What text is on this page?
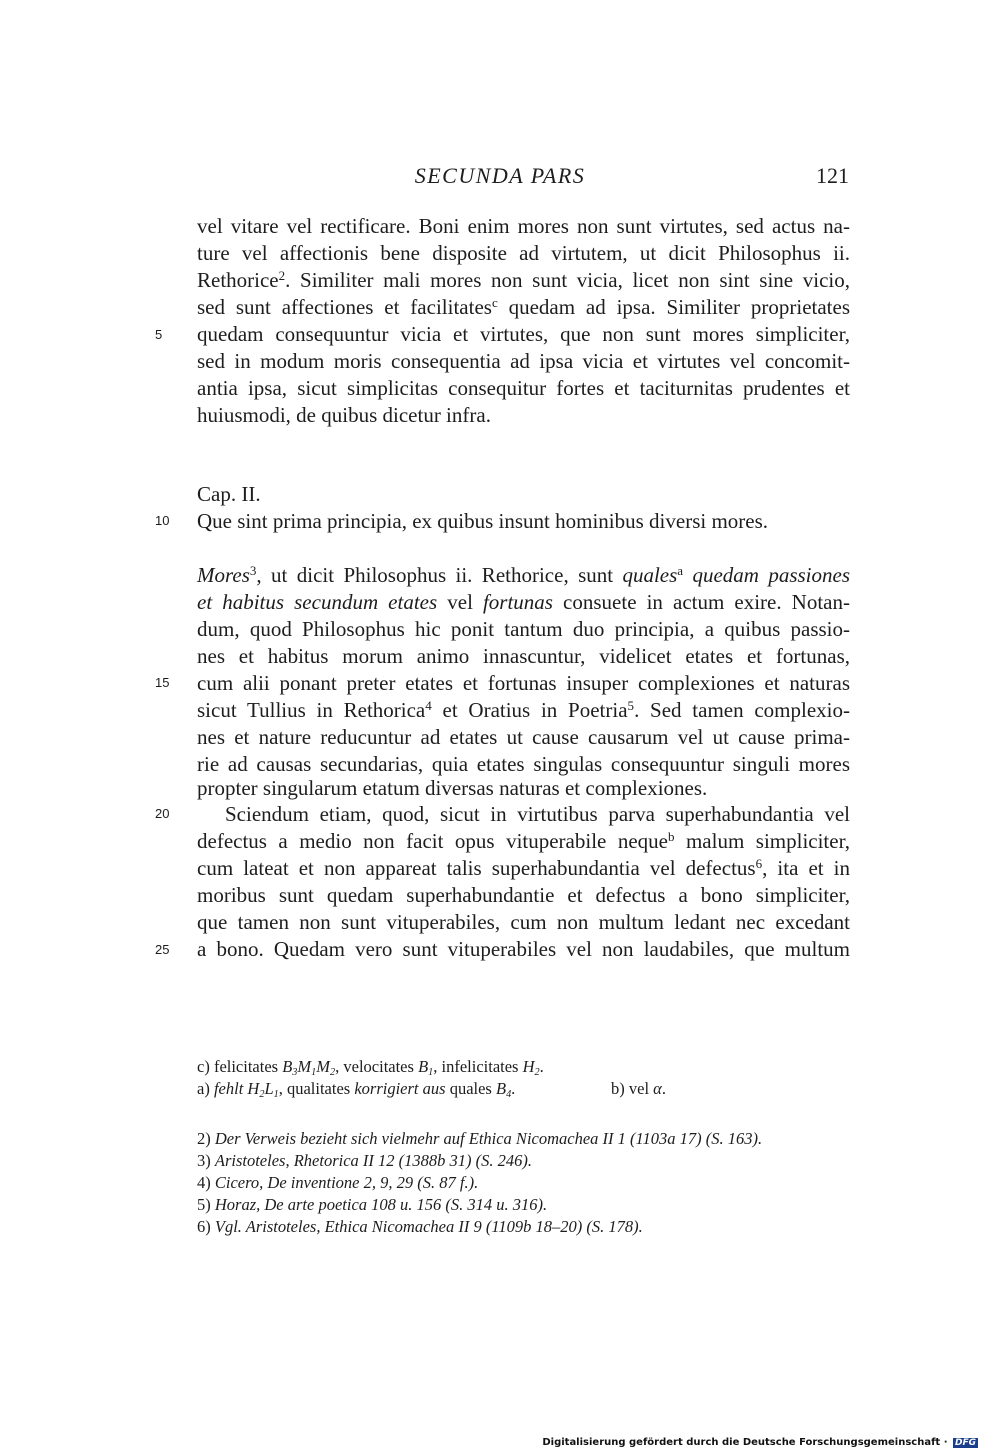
SECUNDA PARS	121
5
10
15
20
25
vel vitare vel rectificare. Boni enim mores non sunt virtutes, sed actus na-
ture vel affectionis bene disposite ad virtutem, ut dicit Philosophus ii.
Rethorice$^2$. Similiter mali mores non sunt vicia, licet non sint sine vicio,
sed sunt affectiones et facilitates$^c$ quedam ad ipsa. Similiter proprietates
quedam consequuntur vicia et virtutes, que non sunt mores simpliciter,
sed in modum moris consequentia ad ipsa vicia et virtutes vel concomit-
antia ipsa, sicut simplicitas consequitur fortes et taciturnitas prudentes et
huiusmodi, de quibus dicetur infra.
Cap. II.
Que sint prima principia, ex quibus insunt hominibus diversi mores.
Mores$^3$, ut dicit Philosophus ii. Rethorice, sunt quales$^a$ quedam passiones
et habitus secundum etates vel fortunas consuete in actum exire. Notan-
dum, quod Philosophus hic ponit tantum duo principia, a quibus passio-
nes et habitus morum animo innascuntur, videlicet etates et fortunas,
cum alii ponant preter etates et fortunas insuper complexiones et naturas
sicut Tullius in Rethorica$^4$ et Oratius in Poetria$^5$. Sed tamen complexio-
nes et nature reducuntur ad etates ut cause causarum vel ut cause prima-
rie ad causas secundarias, quia etates singulas consequuntur singuli mores
propter singularum etatum diversas naturas et complexiones.
Sciendum etiam, quod, sicut in virtutibus parva superhabundantia vel
defectus a medio non facit opus vituperabile neque$^b$ malum simpliciter,
cum lateat et non appareat talis superhabundantia vel defectus$^6$, ita et in
moribus sunt quedam superhabundantie et defectus a bono simpliciter,
que tamen non sunt vituperabiles, cum non multum ledant nec excedant
a bono. Quedam vero sunt vituperabiles vel non laudabiles, que multum
c) felicitates $B_3M_1M_2$, velocitates $B_1$, infelicitates $H_2$.
a) fehlt $H_2L_1$, qualitates korrigiert aus quales $B_4$.	b) vel α.
2) Der Verweis bezieht sich vielmehr auf Ethica Nicomachea II 1 (1103a 17) (S. 163).
3) Aristoteles, Rhetorica II 12 (1388b 31) (S. 246).
4) Cicero, De inventione 2, 9, 29 (S. 87 f.).
5) Horaz, De arte poetica 108 u. 156 (S. 314 u. 316).
6) Vgl. Aristoteles, Ethica Nicomachea II 9 (1109b 18–20) (S. 178).
Digitalisierung gefördert durch die Deutsche Forschungsgemeinschaft · DFG
